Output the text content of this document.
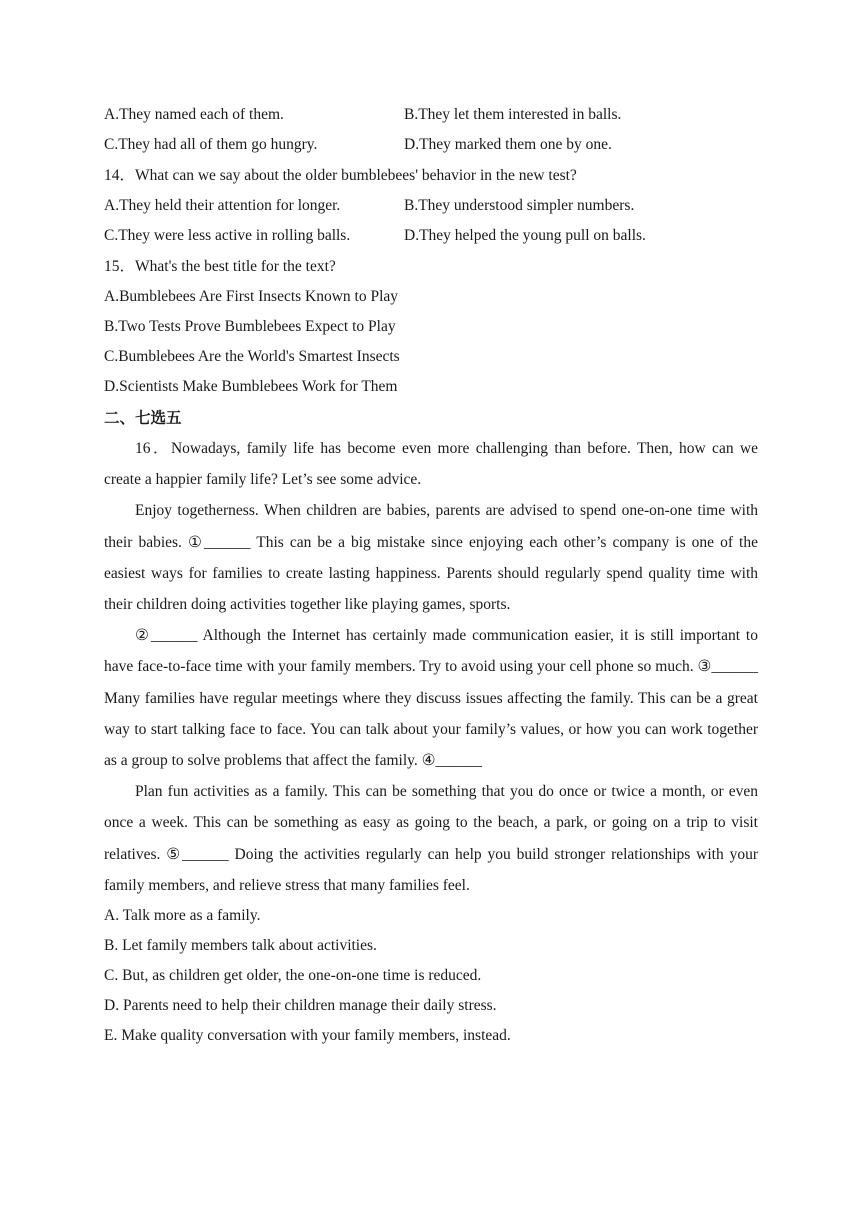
A.They named each of them.	B.They let them interested in balls.
C.They had all of them go hungry.	D.They marked them one by one.
14．What can we say about the older bumblebees' behavior in the new test?
A.They held their attention for longer.	B.They understood simpler numbers.
C.They were less active in rolling balls.	D.They helped the young pull on balls.
15．What's the best title for the text?
A.Bumblebees Are First Insects Known to Play
B.Two Tests Prove Bumblebees Expect to Play
C.Bumblebees Are the World's Smartest Insects
D.Scientists Make Bumblebees Work for Them
二、七选五

16．Nowadays, family life has become even more challenging than before. Then, how can we create a happier family life? Let’s see some advice.

Enjoy togetherness. When children are babies, parents are advised to spend one-on-one time with their babies. ①______ This can be a big mistake since enjoying each other’s company is one of the easiest ways for families to create lasting happiness. Parents should regularly spend quality time with their children doing activities together like playing games, sports.

②______ Although the Internet has certainly made communication easier, it is still important to have face-to-face time with your family members. Try to avoid using your cell phone so much. ③______ Many families have regular meetings where they discuss issues affecting the family. This can be a great way to start talking face to face. You can talk about your family’s values, or how you can work together as a group to solve problems that affect the family. ④______

Plan fun activities as a family. This can be something that you do once or twice a month, or even once a week. This can be something as easy as going to the beach, a park, or going on a trip to visit relatives. ⑤______ Doing the activities regularly can help you build stronger relationships with your family members, and relieve stress that many families feel.

A. Talk more as a family.
B. Let family members talk about activities.
C. But, as children get older, the one-on-one time is reduced.
D. Parents need to help their children manage their daily stress.
E. Make quality conversation with your family members, instead.
